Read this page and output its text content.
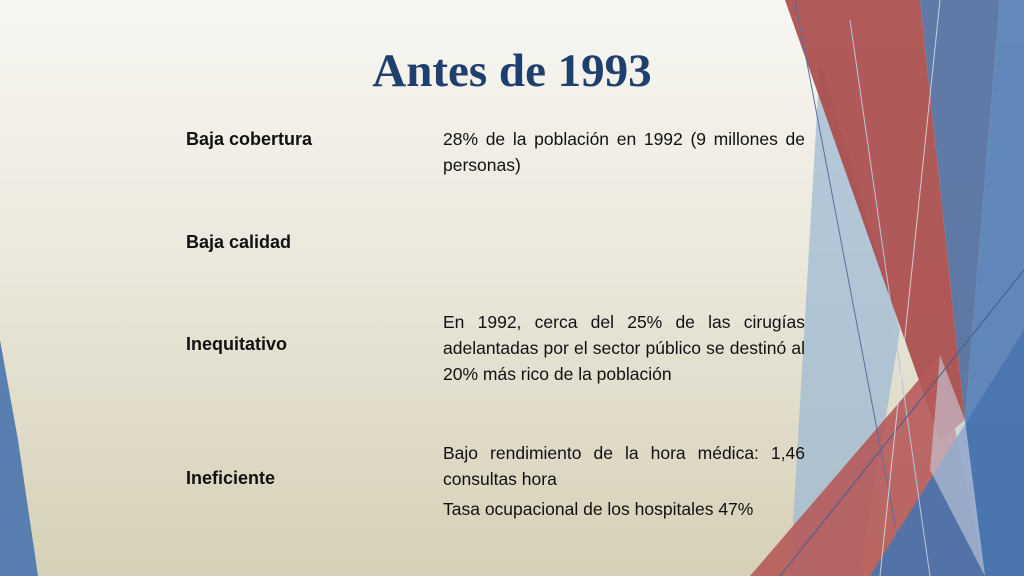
Antes de 1993
Baja cobertura	28% de la población en 1992 (9 millones de personas)

Baja calidad
Inequitativo

En 1992, cerca del 25% de las cirugías adelantadas por el sector público se destinó al 20% más rico de la población

Ineficiente

Bajo rendimiento de la hora médica: 1,46 consultas hora

Tasa ocupacional de los hospitales 47%
